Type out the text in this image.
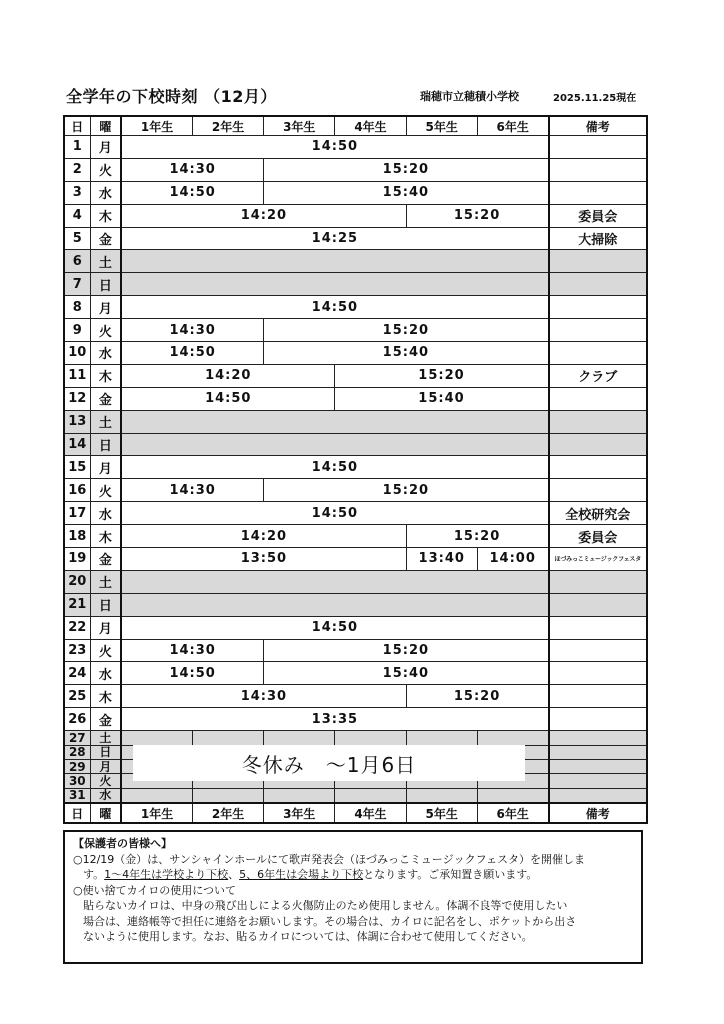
全学年の下校時刻 （12月）	瑞穂市立穂積小学校	2025.11.25現在
日	曜	1年生	2年生	3年生	4年生	5年生	6年生	備考
1	月	14:50						
2	火	14:30		15:20				
3	水	14:50		15:40				
4	木	14:20				15:20		委員会
5	金	14:25						大掃除
6	土							
7	日							
8	月	14:50						
9	火	14:30		15:20				
10	水	14:50		15:40				
11	木	14:20			15:20			クラブ
12	金	14:50			15:40			
13	土							
14	日							
15	月	14:50						
16	火	14:30		15:20				
17	水	14:50						全校研究会
18	木	14:20				15:20		委員会
19	金	13:50				13:40	14:00	ほづみっこミュージックフェスタ
20	土							
21	日							
22	月	14:50						
23	火	14:30		15:20				
24	水	14:50		15:40				
25	木	14:30				15:20		
26	金	13:35						
27	土							
28	日							
29	月							
30	火							
31	水							
日	曜	1年生	2年生	3年生	4年生	5年生	6年生	備考
冬休み　～1月6日
【保護者の皆様へ】
○12/19（金）は、サンシャインホールにて歌声発表会（ほづみっこミュージックフェスタ）を開催しま
す。1～4年生は学校より下校、5、6年生は会場より下校となります。ご承知置き願います。
○使い捨てカイロの使用について
貼らないカイロは、中身の飛び出しによる火傷防止のため使用しません。体調不良等で使用したい
場合は、連絡帳等で担任に連絡をお願いします。その場合は、カイロに記名をし、ポケットから出さ
ないように使用します。なお、貼るカイロについては、体調に合わせて使用してください。
